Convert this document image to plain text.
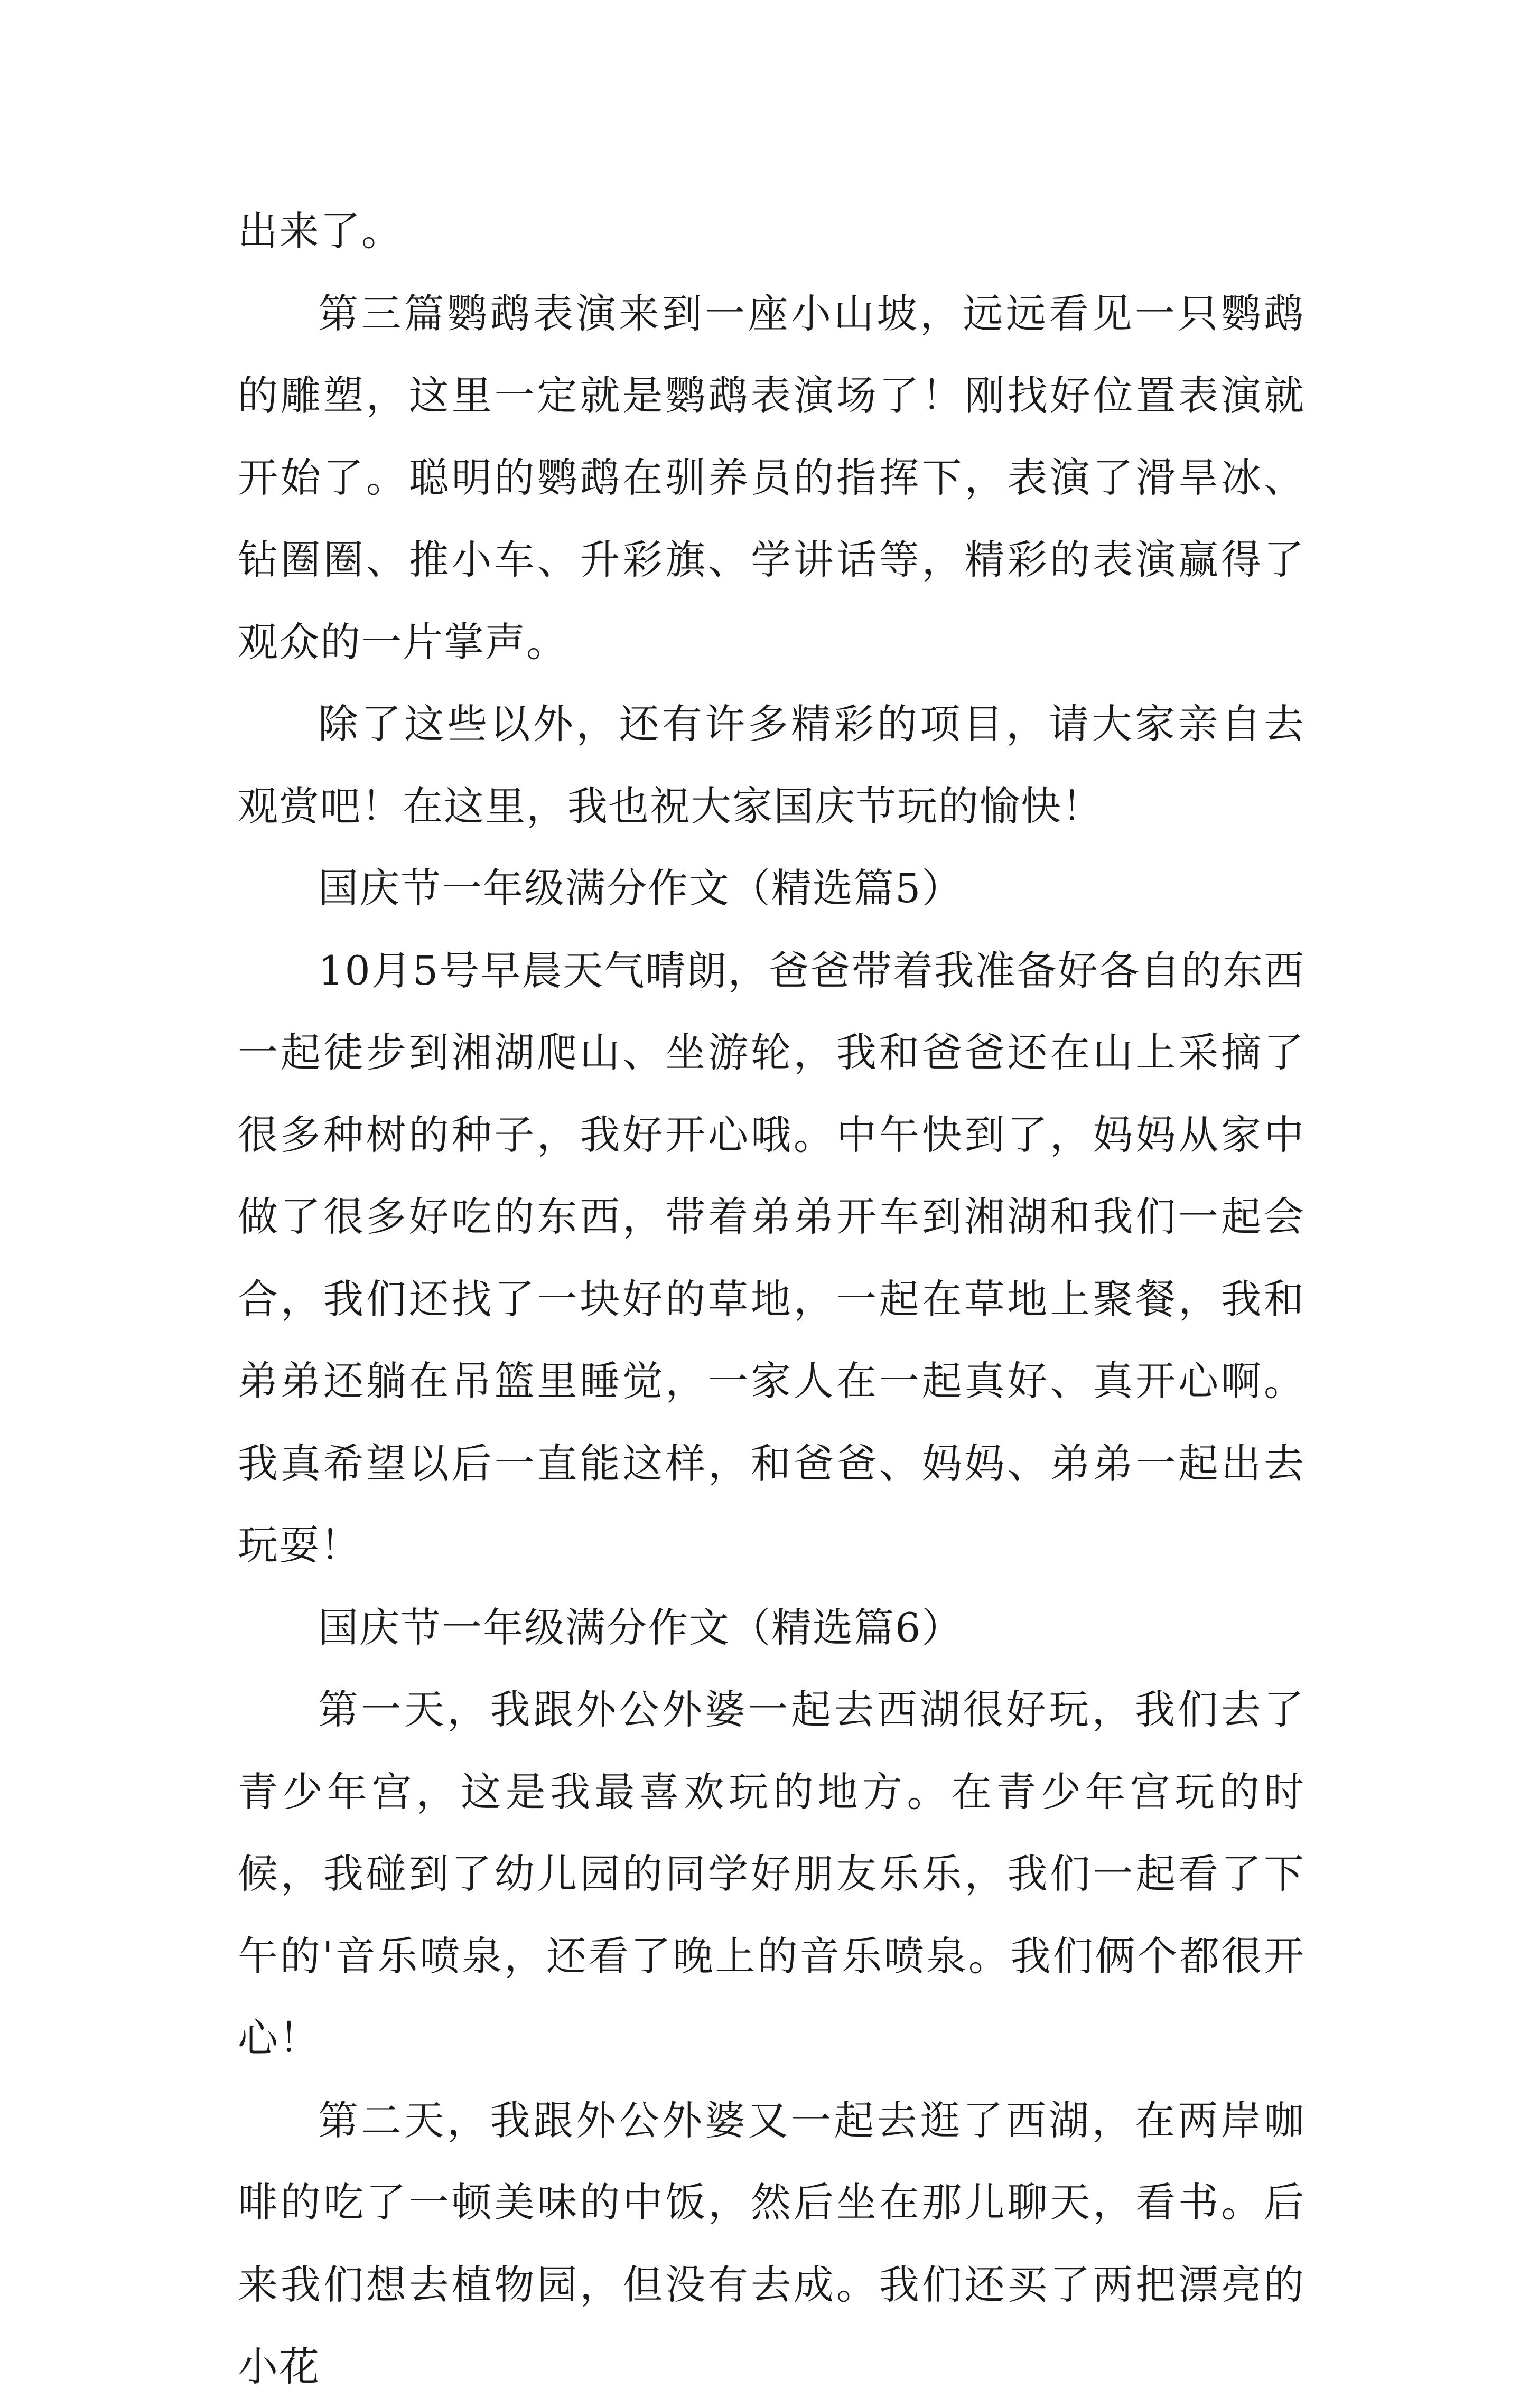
出来了。

第三篇鹦鹉表演来到一座小山坡，远远看见一只鹦鹉的雕塑，这里一定就是鹦鹉表演场了！刚找好位置表演就开始了。聪明的鹦鹉在驯养员的指挥下，表演了滑旱冰、钻圈圈、推小车、升彩旗、学讲话等，精彩的表演赢得了观众的一片掌声。

除了这些以外，还有许多精彩的项目，请大家亲自去观赏吧！在这里，我也祝大家国庆节玩的愉快！

国庆节一年级满分作文（精选篇5）

10月5号早晨天气晴朗，爸爸带着我准备好各自的东西一起徒步到湘湖爬山、坐游轮，我和爸爸还在山上采摘了很多种树的种子，我好开心哦。中午快到了，妈妈从家中做了很多好吃的东西，带着弟弟开车到湘湖和我们一起会合，我们还找了一块好的草地，一起在草地上聚餐，我和弟弟还躺在吊篮里睡觉，一家人在一起真好、真开心啊。我真希望以后一直能这样，和爸爸、妈妈、弟弟一起出去玩耍！

国庆节一年级满分作文（精选篇6）

第一天，我跟外公外婆一起去西湖很好玩，我们去了青少年宫，这是我最喜欢玩的地方。在青少年宫玩的时候，我碰到了幼儿园的同学好朋友乐乐，我们一起看了下午的'音乐喷泉，还看了晚上的音乐喷泉。我们俩个都很开心！

第二天，我跟外公外婆又一起去逛了西湖，在两岸咖啡的吃了一顿美味的中饭，然后坐在那儿聊天，看书。后来我们想去植物园，但没有去成。我们还买了两把漂亮的小花
